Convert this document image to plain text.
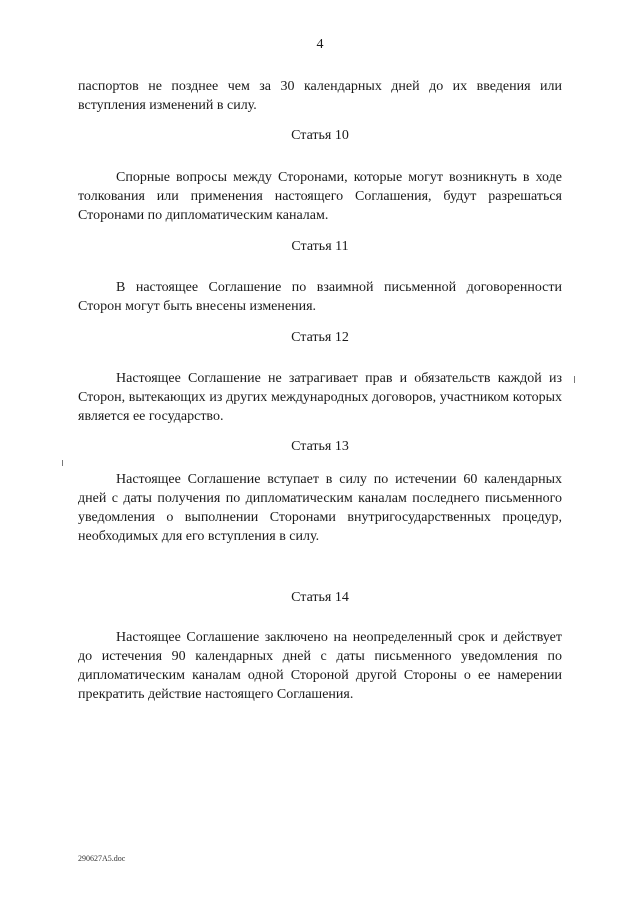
4

паспортов не позднее чем за 30 календарных дней до их введения или вступления изменений в силу.

Статья 10

Спорные вопросы между Сторонами, которые могут возникнуть в ходе толкования или применения настоящего Соглашения, будут разрешаться Сторонами по дипломатическим каналам.

Статья 11

В настоящее Соглашение по взаимной письменной договоренности Сторон могут быть внесены изменения.

Статья 12

Настоящее Соглашение не затрагивает прав и обязательств каждой из Сторон, вытекающих из других международных договоров, участником которых является ее государство.

Статья 13

Настоящее Соглашение вступает в силу по истечении 60 календарных дней с даты получения по дипломатическим каналам последнего письменного уведомления о выполнении Сторонами внутригосударственных процедур, необходимых для его вступления в силу.

Статья 14

Настоящее Соглашение заключено на неопределенный срок и действует до истечения 90 календарных дней с даты письменного уведомления по дипломатическим каналам одной Стороной другой Стороны о ее намерении прекратить действие настоящего Соглашения.

290627A5.doc
